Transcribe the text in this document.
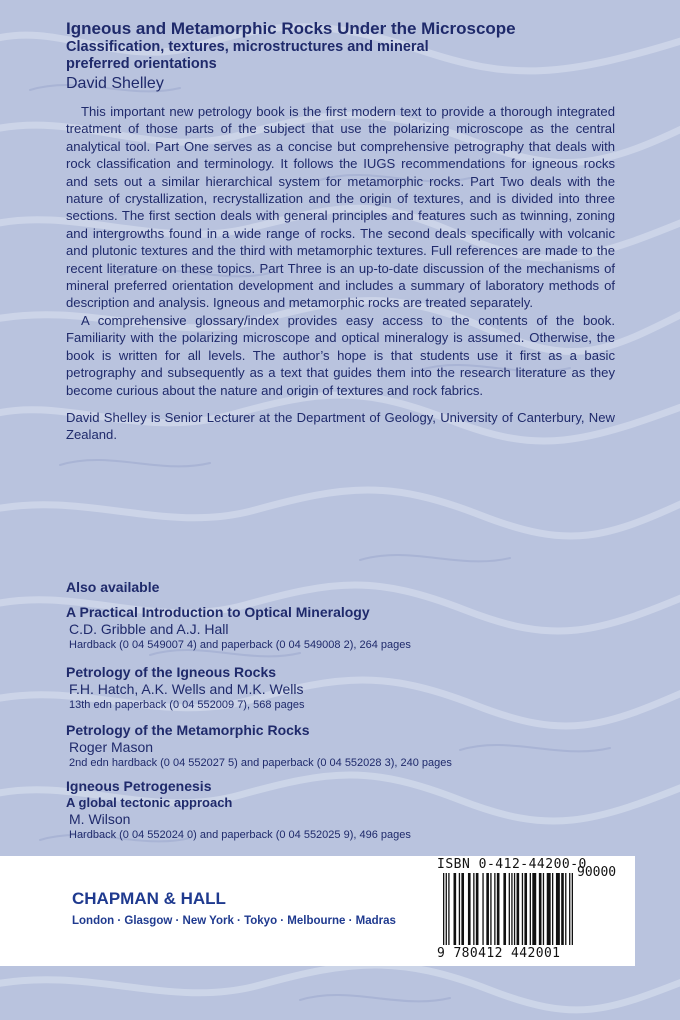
Igneous and Metamorphic Rocks Under the Microscope
Classification, textures, microstructures and mineral preferred orientations
David Shelley

This important new petrology book is the first modern text to provide a thorough integrated treatment of those parts of the subject that use the polarizing microscope as the central analytical tool. Part One serves as a concise but comprehensive petrography that deals with rock classification and terminology. It follows the IUGS recommendations for igneous rocks and sets out a similar hierarchical system for metamorphic rocks. Part Two deals with the nature of crystallization, recrystallization and the origin of textures, and is divided into three sections. The first section deals with general principles and features such as twinning, zoning and intergrowths found in a wide range of rocks. The second deals specifically with volcanic and plutonic textures and the third with metamorphic textures. Full references are made to the recent literature on these topics. Part Three is an up-to-date discussion of the mechanisms of mineral preferred orientation development and includes a summary of laboratory methods of description and analysis. Igneous and metamorphic rocks are treated separately.

A comprehensive glossary/index provides easy access to the contents of the book. Familiarity with the polarizing microscope and optical mineralogy is assumed. Otherwise, the book is written for all levels. The author’s hope is that students use it first as a basic petrography and subsequently as a text that guides them into the research literature as they become curious about the nature and origin of textures and rock fabrics.

David Shelley is Senior Lecturer at the Department of Geology, University of Canterbury, New Zealand.

Also available
A Practical Introduction to Optical Mineralogy
C.D. Gribble and A.J. Hall
Hardback (0 04 549007 4) and paperback (0 04 549008 2), 264 pages
Petrology of the Igneous Rocks
F.H. Hatch, A.K. Wells and M.K. Wells
13th edn paperback (0 04 552009 7), 568 pages
Petrology of the Metamorphic Rocks
Roger Mason
2nd edn hardback (0 04 552027 5) and paperback (0 04 552028 3), 240 pages
Igneous Petrogenesis
A global tectonic approach
M. Wilson
Hardback (0 04 552024 0) and paperback (0 04 552025 9), 496 pages
CHAPMAN & HALL
London · Glasgow · New York · Tokyo · Melbourne · Madras
ISBN 0-412-44200-0
90000
9 780412 442001
